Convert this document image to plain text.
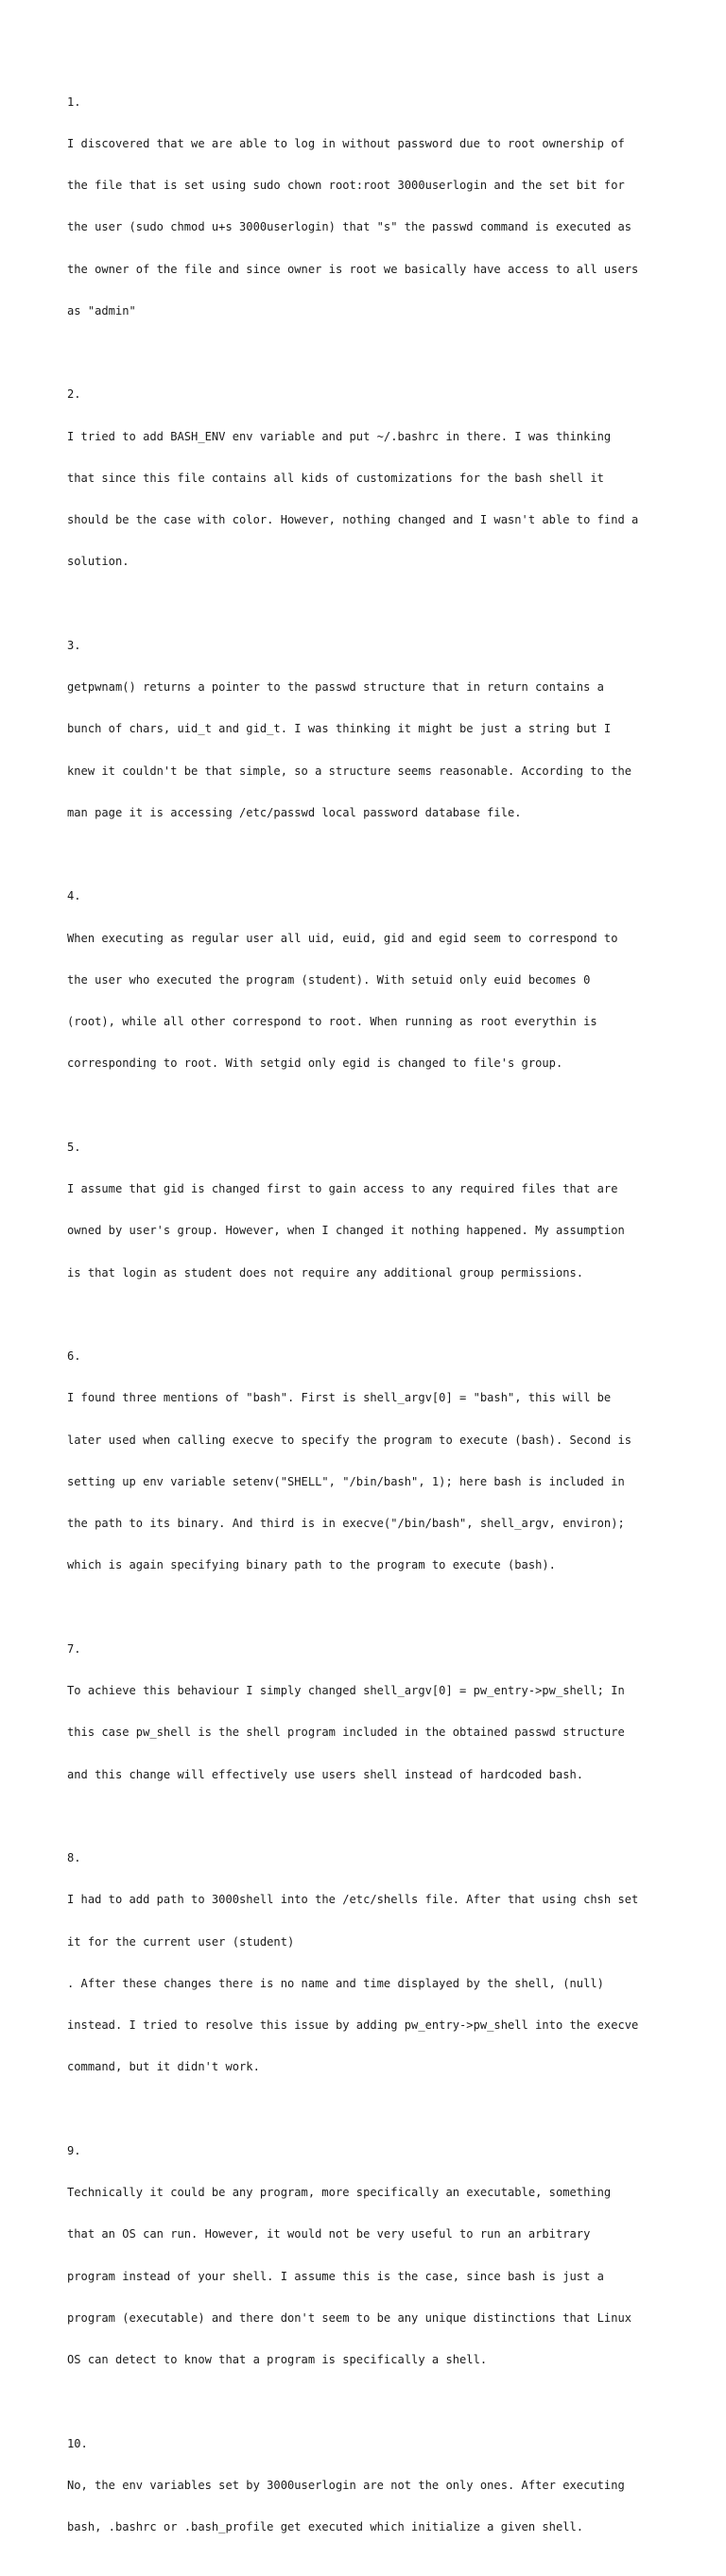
1.

I discovered that we are able to log in without password due to root ownership of

the file that is set using sudo chown root:root 3000userlogin and the set bit for

the user (sudo chmod u+s 3000userlogin) that "s" the passwd command is executed as

the owner of the file and since owner is root we basically have access to all users

as "admin"

2.

I tried to add BASH_ENV env variable and put ~/.bashrc in there. I was thinking

that since this file contains all kids of customizations for the bash shell it

should be the case with color. However, nothing changed and I wasn't able to find a

solution.

3.

getpwnam() returns a pointer to the passwd structure that in return contains a

bunch of chars, uid_t and gid_t. I was thinking it might be just a string but I

knew it couldn't be that simple, so a structure seems reasonable. According to the

man page it is accessing /etc/passwd local password database file.

4.

When executing as regular user all uid, euid, gid and egid seem to correspond to

the user who executed the program (student). With setuid only euid becomes 0

(root), while all other correspond to root. When running as root everythin is

corresponding to root. With setgid only egid is changed to file's group.

5.

I assume that gid is changed first to gain access to any required files that are

owned by user's group. However, when I changed it nothing happened. My assumption

is that login as student does not require any additional group permissions.

6.

I found three mentions of "bash". First is shell_argv[0] = "bash", this will be

later used when calling execve to specify the program to execute (bash). Second is

setting up env variable setenv("SHELL", "/bin/bash", 1); here bash is included in

the path to its binary. And third is in execve("/bin/bash", shell_argv, environ);

which is again specifying binary path to the program to execute (bash).

7.

To achieve this behaviour I simply changed shell_argv[0] = pw_entry->pw_shell; In

this case pw_shell is the shell program included in the obtained passwd structure

and this change will effectively use users shell instead of hardcoded bash.

8.

I had to add path to 3000shell into the /etc/shells file. After that using chsh set

it for the current user (student)

. After these changes there is no name and time displayed by the shell, (null)

instead. I tried to resolve this issue by adding pw_entry->pw_shell into the execve

command, but it didn't work.

9.

Technically it could be any program, more specifically an executable, something

that an OS can run. However, it would not be very useful to run an arbitrary

program instead of your shell. I assume this is the case, since bash is just a

program (executable) and there don't seem to be any unique distinctions that Linux

OS can detect to know that a program is specifically a shell.

10.

No, the env variables set by 3000userlogin are not the only ones. After executing

bash, .bashrc or .bash_profile get executed which initialize a given shell.
